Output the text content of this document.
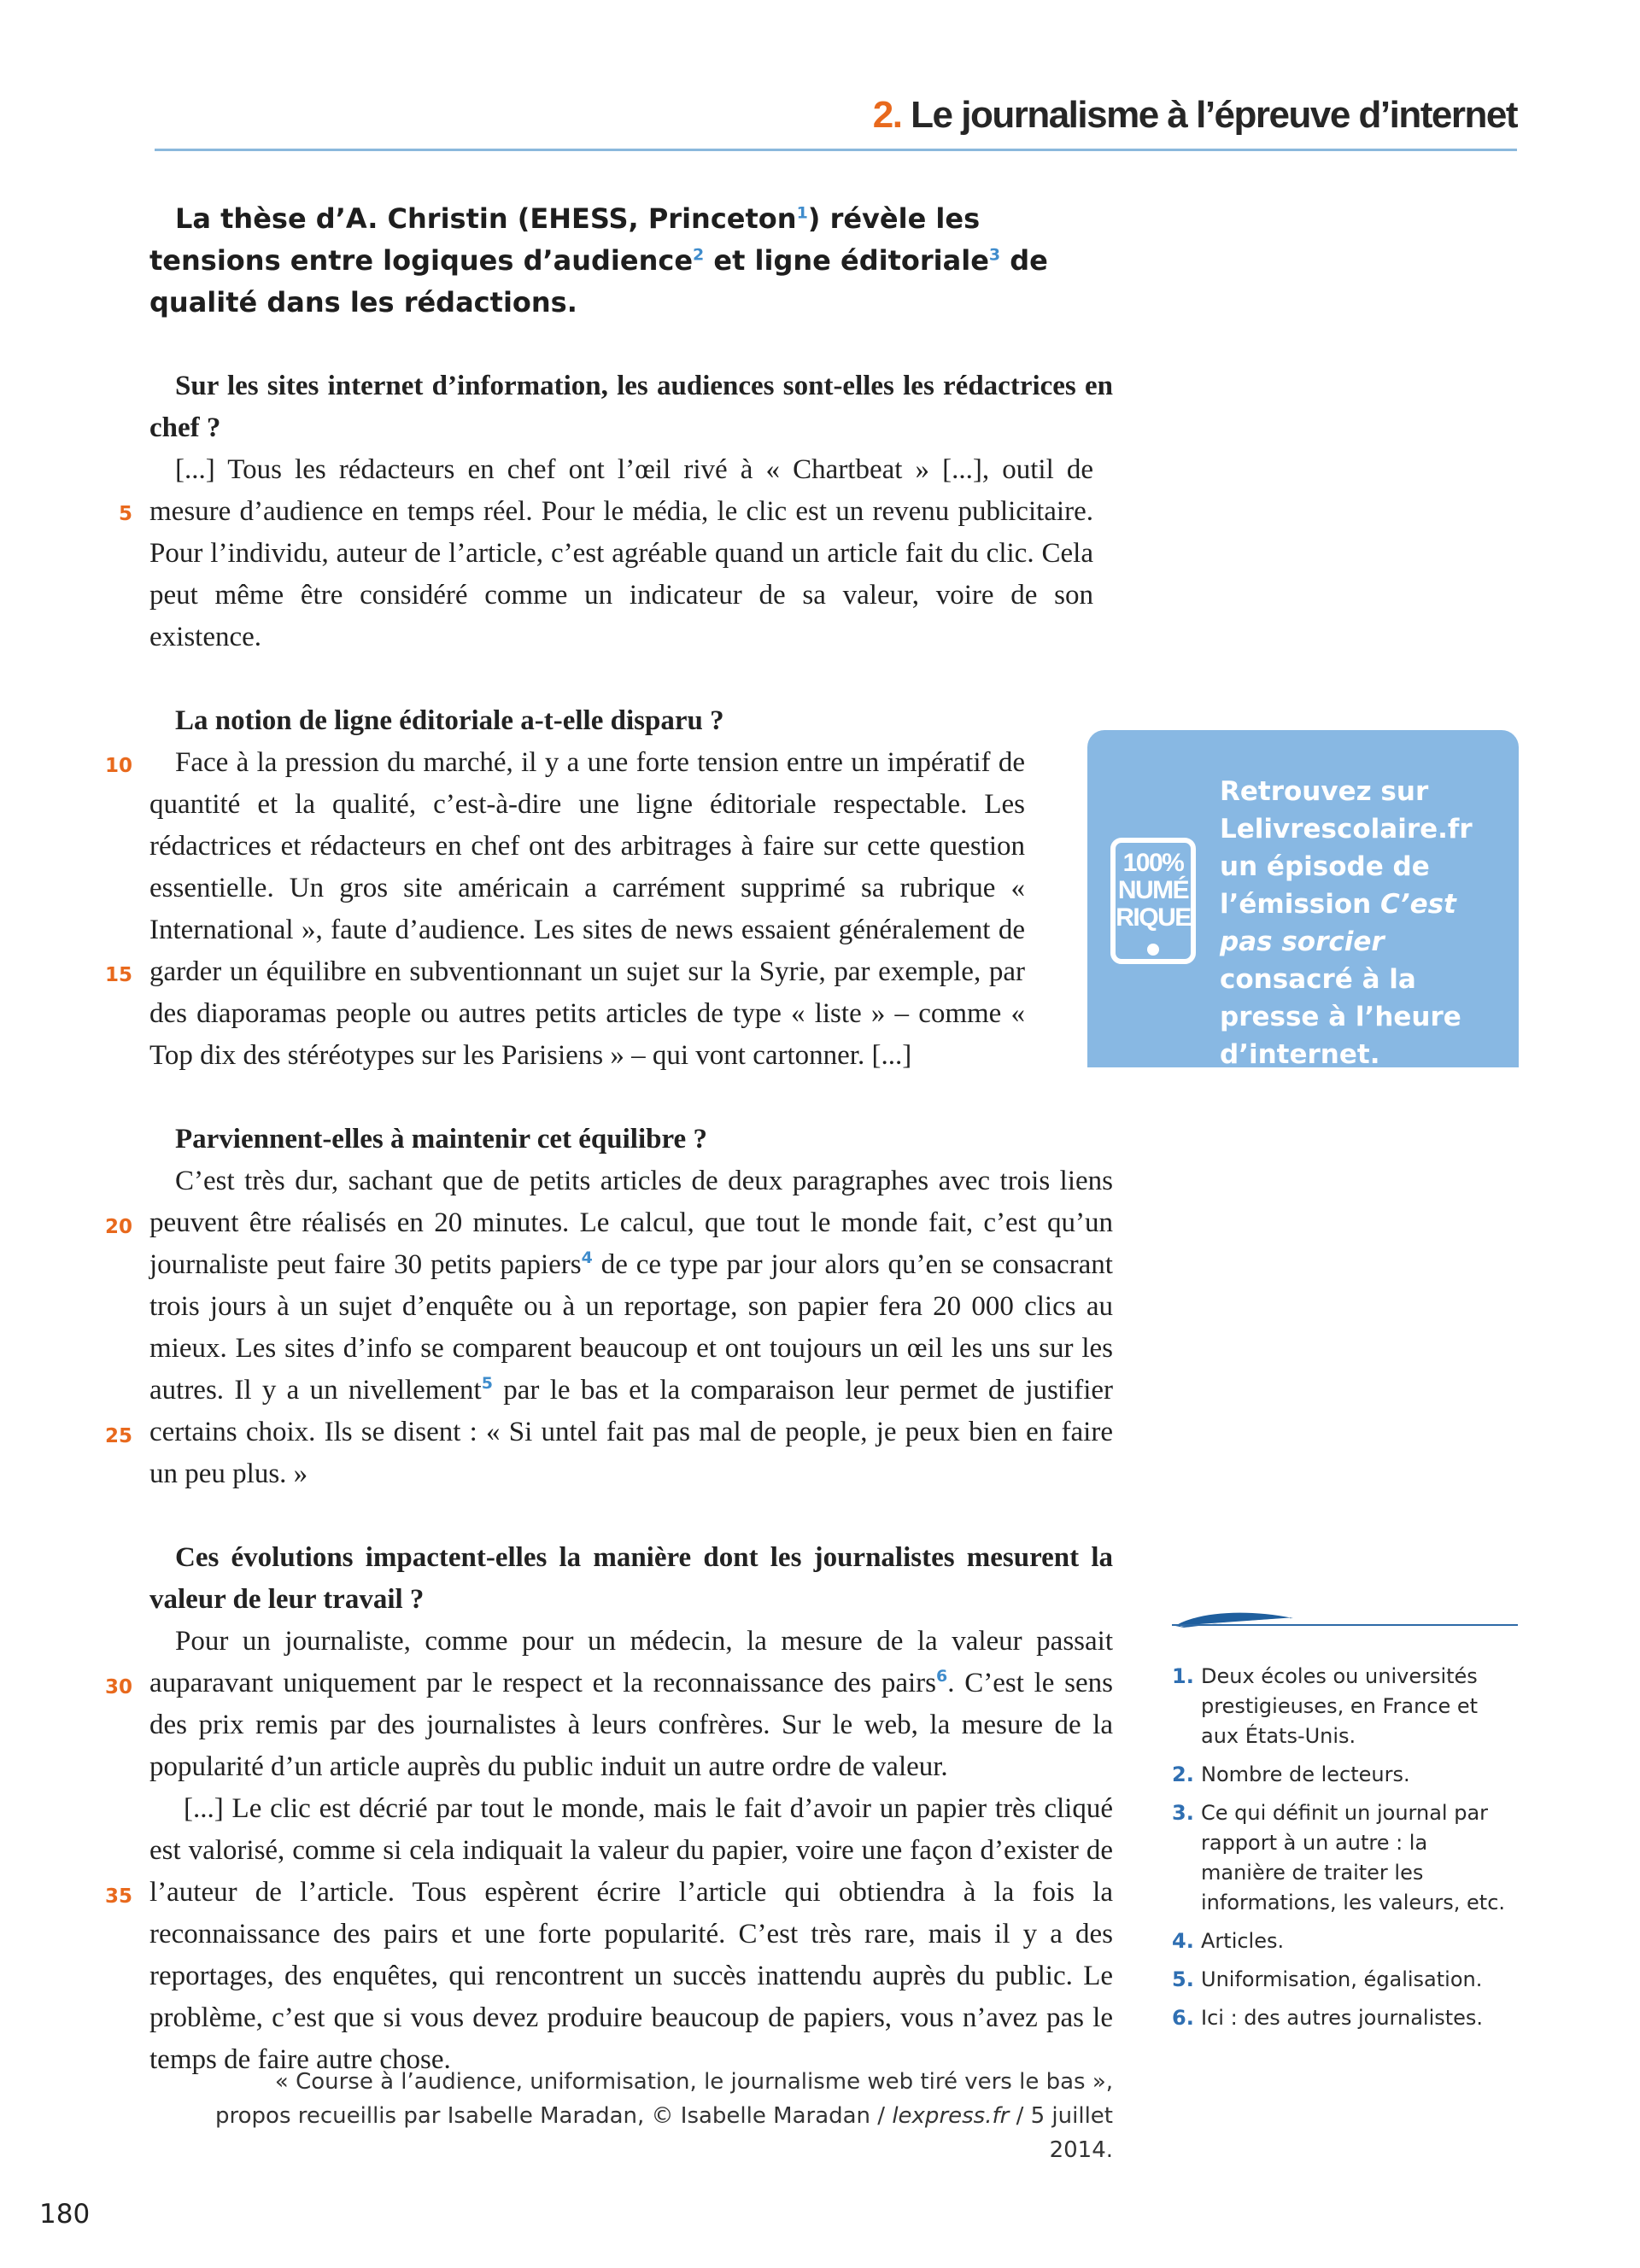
2. Le journalisme à l’épreuve d’internet
5
10
15
20
25
30
35

La thèse d’A. Christin (EHESS, Princeton$^1$) révèle les tensions entre logiques d’audience$^2$ et ligne éditoriale$^3$ de qualité dans les rédactions.

Sur les sites internet d’information, les audiences sont-elles les rédactrices en chef ?

[...] Tous les rédacteurs en chef ont l’œil rivé à « Chartbeat » [...], outil de mesure d’audience en temps réel. Pour le média, le clic est un revenu publicitaire. Pour l’individu, auteur de l’article, c’est agréable quand un article fait du clic. Cela peut même être considéré comme un indicateur de sa valeur, voire de son existence.

La notion de ligne éditoriale a-t-elle disparu ?

Face à la pression du marché, il y a une forte tension entre un impératif de quantité et la qualité, c’est-à-dire une ligne éditoriale respectable. Les rédactrices et rédacteurs en chef ont des arbitrages à faire sur cette question essentielle. Un gros site américain a carrément supprimé sa rubrique « International », faute d’audience. Les sites de news essaient généralement de garder un équilibre en subventionnant un sujet sur la Syrie, par exemple, par des diaporamas people ou autres petits articles de type « liste » – comme « Top dix des stéréotypes sur les Parisiens » – qui vont cartonner. [...]

Parviennent-elles à maintenir cet équilibre ?

C’est très dur, sachant que de petits articles de deux paragraphes avec trois liens peuvent être réalisés en 20 minutes. Le calcul, que tout le monde fait, c’est qu’un journaliste peut faire 30 petits papiers$^4$ de ce type par jour alors qu’en se consacrant trois jours à un sujet d’enquête ou à un reportage, son papier fera 20 000 clics au mieux. Les sites d’info se comparent beaucoup et ont toujours un œil les uns sur les autres. Il y a un nivellement$^5$ par le bas et la comparaison leur permet de justifier certains choix. Ils se disent : « Si untel fait pas mal de people, je peux bien en faire un peu plus. »

Ces évolutions impactent-elles la manière dont les journalistes mesurent la valeur de leur travail ?

Pour un journaliste, comme pour un médecin, la mesure de la valeur passait auparavant uniquement par le respect et la reconnaissance des pairs$^6$. C’est le sens des prix remis par des journalistes à leurs confrères. Sur le web, la mesure de la popularité d’un article auprès du public induit un autre ordre de valeur.

[...] Le clic est décrié par tout le monde, mais le fait d’avoir un papier très cliqué est valorisé, comme si cela indiquait la valeur du papier, voire une façon d’exister de l’auteur de l’article. Tous espèrent écrire l’article qui obtiendra à la fois la reconnaissance des pairs et une forte popularité. C’est très rare, mais il y a des reportages, des enquêtes, qui rencontrent un succès inattendu auprès du public. Le problème, c’est que si vous devez produire beaucoup de papiers, vous n’avez pas le temps de faire autre chose.

« Course à l’audience, uniformisation, le journalisme web tiré vers le bas »,

propos recueillis par Isabelle Maradan, © Isabelle Maradan / lexpress.fr / 5 juillet 2014.

100%
NUMÉ
RIQUE

Retrouvez sur Lelivrescolaire.fr un épisode de l’émission C’est pas sorcier consacré à la presse à l’heure d’internet.

1. Deux écoles ou universités prestigieuses, en France et aux États-Unis.
2. Nombre de lecteurs.
3. Ce qui définit un journal par rapport à un autre : la manière de traiter les informations, les valeurs, etc.
4. Articles.
5. Uniformisation, égalisation.
6. Ici : des autres journalistes.
180
